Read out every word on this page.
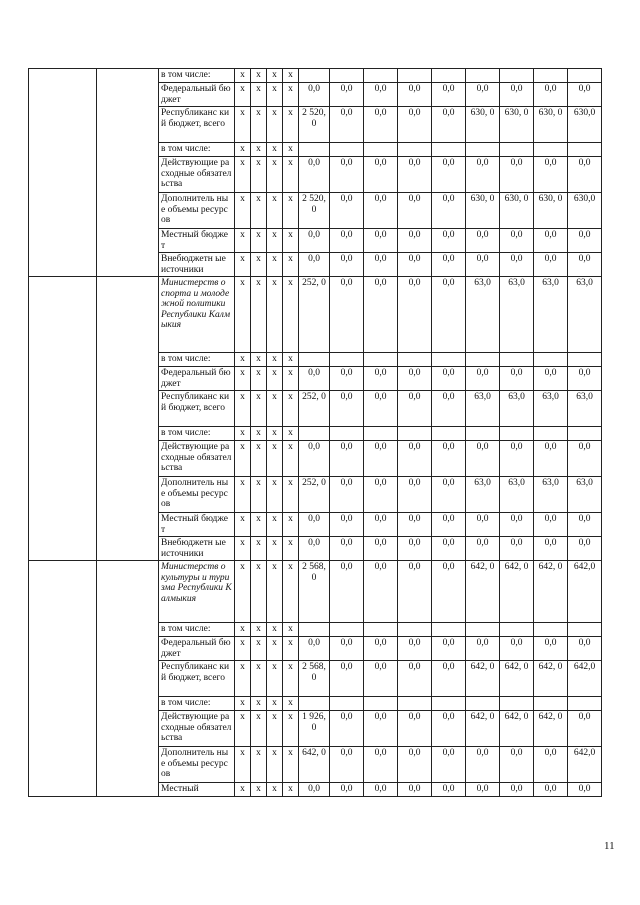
		в том числе:	x	x	x	x									
		Федеральный бюджет	x	x	x	x	0,0	0,0	0,0	0,0	0,0	0,0	0,0	0,0	0,0
		Республиканс кий бюджет, всего	x	x	x	x	2 520, 0	0,0	0,0	0,0	0,0	630, 0	630, 0	630, 0	630,0
		в том числе:	x	x	x	x									
		Действующие расходные обязательства	x	x	x	x	0,0	0,0	0,0	0,0	0,0	0,0	0,0	0,0	0,0
		Дополнитель ные объемы ресурсов	x	x	x	x	2 520, 0	0,0	0,0	0,0	0,0	630, 0	630, 0	630, 0	630,0
		Местный бюджет	x	x	x	x	0,0	0,0	0,0	0,0	0,0	0,0	0,0	0,0	0,0
		Внебюджетн ые источники	x	x	x	x	0,0	0,0	0,0	0,0	0,0	0,0	0,0	0,0	0,0
		Министерств о спорта и молодежной политики Республики Калмыкия	x	x	x	x	252, 0	0,0	0,0	0,0	0,0	63,0	63,0	63,0	63,0
		в том числе:	x	x	x	x									
		Федеральный бюджет	x	x	x	x	0,0	0,0	0,0	0,0	0,0	0,0	0,0	0,0	0,0
		Республиканс кий бюджет, всего	x	x	x	x	252, 0	0,0	0,0	0,0	0,0	63,0	63,0	63,0	63,0
		в том числе:	x	x	x	x									
		Действующие расходные обязательства	x	x	x	x	0,0	0,0	0,0	0,0	0,0	0,0	0,0	0,0	0,0
		Дополнитель ные объемы ресурсов	x	x	x	x	252, 0	0,0	0,0	0,0	0,0	63,0	63,0	63,0	63,0
		Местный бюджет	x	x	x	x	0,0	0,0	0,0	0,0	0,0	0,0	0,0	0,0	0,0
		Внебюджетн ые источники	x	x	x	x	0,0	0,0	0,0	0,0	0,0	0,0	0,0	0,0	0,0
		Министерств о культуры и туризма Республики Калмыкия	x	x	x	x	2 568, 0	0,0	0,0	0,0	0,0	642, 0	642, 0	642, 0	642,0
		в том числе:	x	x	x	x									
		Федеральный бюджет	x	x	x	x	0,0	0,0	0,0	0,0	0,0	0,0	0,0	0,0	0,0
		Республиканс кий бюджет, всего	x	x	x	x	2 568, 0	0,0	0,0	0,0	0,0	642, 0	642, 0	642, 0	642,0
		в том числе:	x	x	x	x									
		Действующие расходные обязательства	x	x	x	x	1 926, 0	0,0	0,0	0,0	0,0	642, 0	642, 0	642, 0	0,0
		Дополнитель ные объемы ресурсов	x	x	x	x	642, 0	0,0	0,0	0,0	0,0	0,0	0,0	0,0	642,0
		Местный	x	x	x	x	0,0	0,0	0,0	0,0	0,0	0,0	0,0	0,0	0,0
11
